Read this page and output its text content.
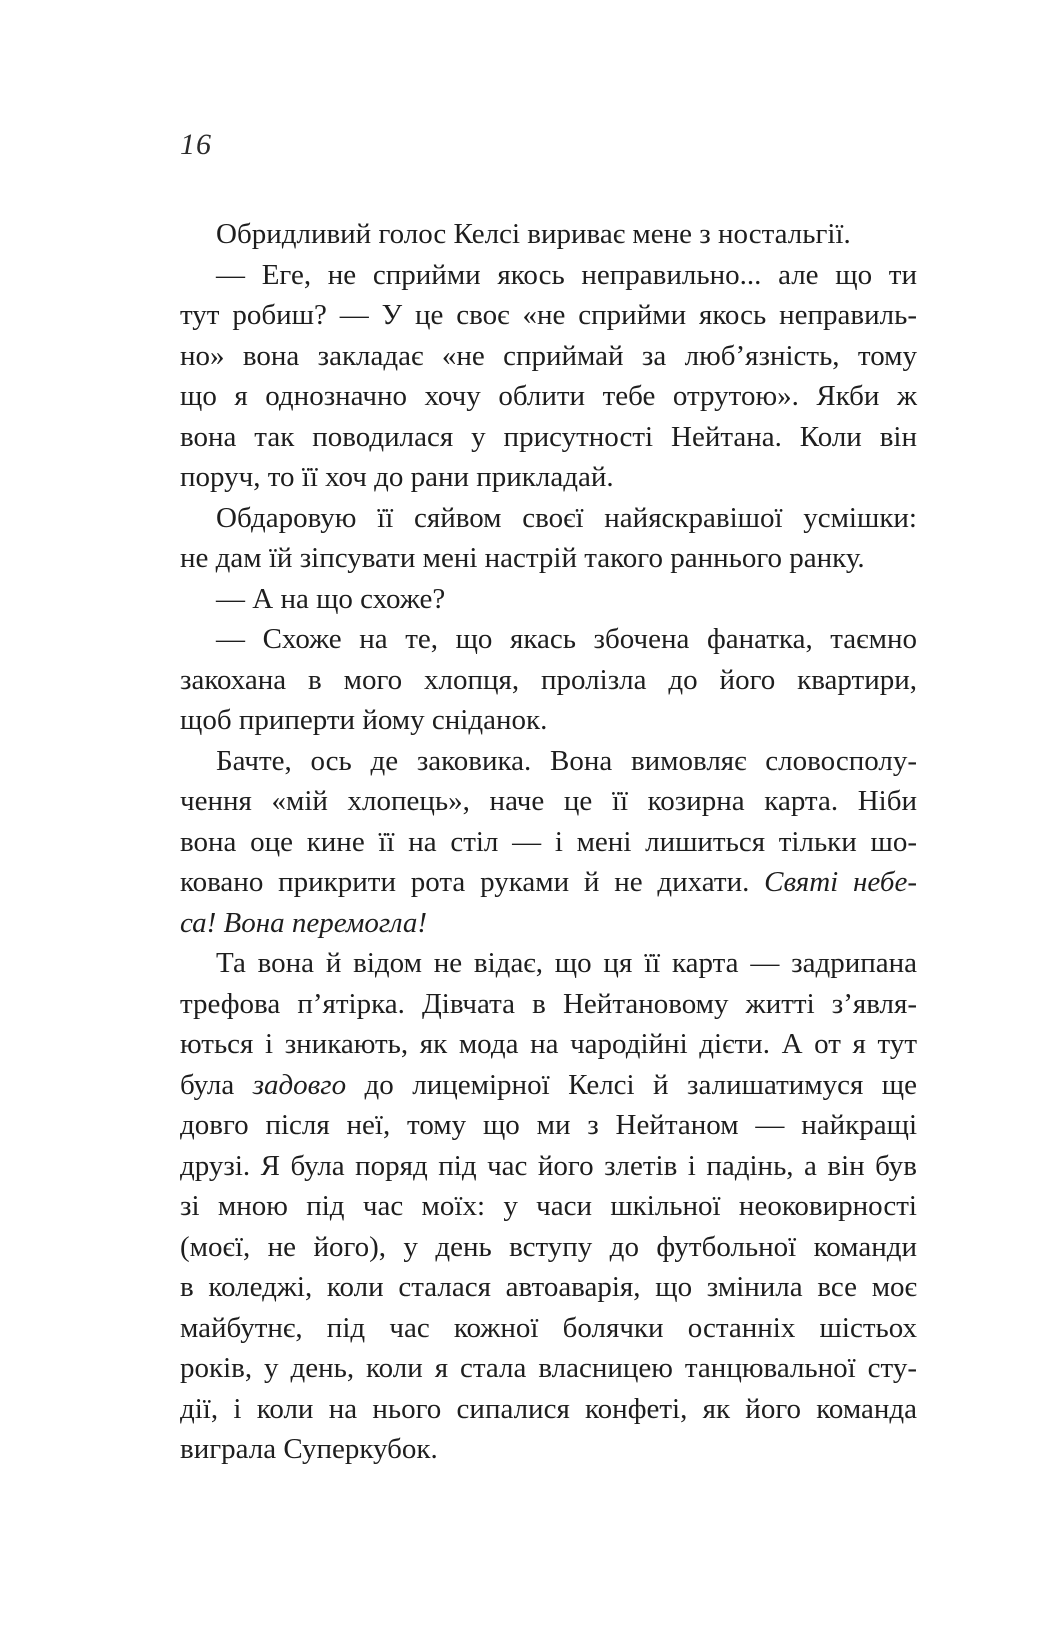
16
Обридливий голос Келсі вириває мене з ностальгії.
— Еге, не сприйми якось неправильно... але що ти
тут робиш? — У це своє «не сприйми якось неправиль-
но» вона закладає «не сприймай за люб’язність, тому
що я однозначно хочу облити тебе отрутою». Якби ж
вона так поводилася у присутності Нейтана. Коли він
поруч, то її хоч до рани прикладай.
Обдаровую її сяйвом своєї найяскравішої усмішки:
не дам їй зіпсувати мені настрій такого раннього ранку.
— А на що схоже?
— Схоже на те, що якась збочена фанатка, таємно
закохана в мого хлопця, пролізла до його квартири,
щоб приперти йому сніданок.
Бачте, ось де заковика. Вона вимовляє словосполу-
чення «мій хлопець», наче це її козирна карта. Ніби
вона оце кине її на стіл — і мені лишиться тільки шо-
ковано прикрити рота руками й не дихати. Святі небе-
са! Вона перемогла!
Та вона й відом не відає, що ця її карта — задрипана
трефова п’ятірка. Дівчата в Нейтановому житті з’явля-
ються і зникають, як мода на чародійні дієти. А от я тут
була задовго до лицемірної Келсі й залишатимуся ще
довго після неї, тому що ми з Нейтаном — найкращі
друзі. Я була поряд під час його злетів і падінь, а він був
зі мною під час моїх: у часи шкільної неоковирності
(моєї, не його), у день вступу до футбольної команди
в коледжі, коли сталася автоаварія, що змінила все моє
майбутнє, під час кожної болячки останніх шістьох
років, у день, коли я стала власницею танцювальної сту-
дії, і коли на нього сипалися конфеті, як його команда
виграла Суперкубок.
